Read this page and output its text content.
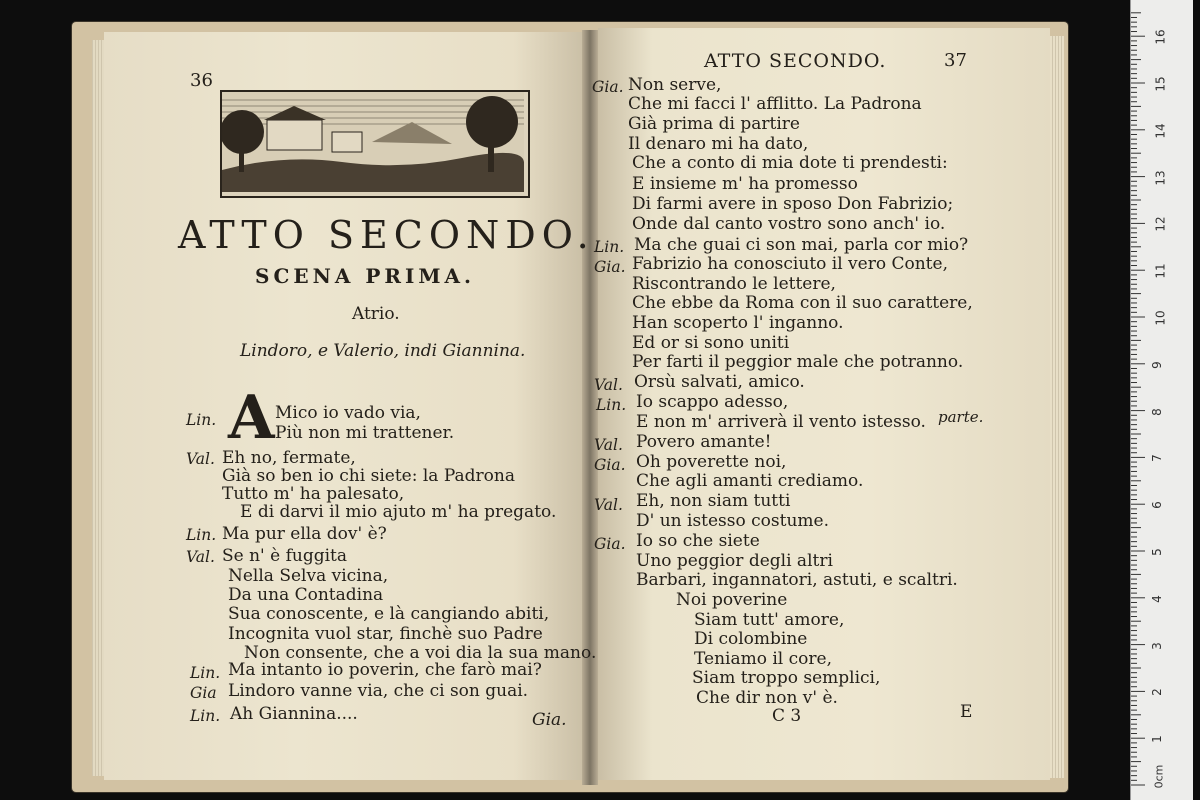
36
ATTO SECONDO.
SCENA PRIMA.
Atrio.
Lindoro, e Valerio, indi Giannina.
A
Lin.	Mico io vado via,
Più non mi trattener.
Val. Eh no, fermate,
Già so ben io chi siete: la Padrona
Tutto m' ha palesato,
E di darvi il mio ajuto m' ha pregato.
Lin. Ma pur ella dov' è?
Val. Se n' è fuggita
Nella Selva vicina,
Da una Contadina
Sua conoscente, e là cangiando abiti,
Incognita vuol star, finchè suo Padre
Non consente, che a voi dia la sua mano.
Lin. Ma intanto io poverin, che farò mai?
Gia Lindoro vanne via, che ci son guai.
Lin. Ah Giannina....	Gia.
ATTO SECONDO.	37
Gia. Non serve,
Che mi facci l' afflitto. La Padrona
Già prima di partire
Il denaro mi ha dato,
Che a conto di mia dote ti prendesti:
E insieme m' ha promesso
Di farmi avere in sposo Don Fabrizio;
Onde dal canto vostro sono anch' io.
Lin. Ma che guai ci son mai, parla cor mio?
Gia. Fabrizio ha conosciuto il vero Conte,
Riscontrando le lettere,
Che ebbe da Roma con il suo carattere,
Han scoperto l' inganno.
Ed or si sono uniti
Per farti il peggior male che potranno.
Val. Orsù salvati, amico.
Lin. Io scappo adesso,
E non m' arriverà il vento istesso.
Val. Povero amante!
Gia. Oh poverette noi,
Che agli amanti crediamo.
Val. Eh, non siam tutti
D' un istesso costume.
Gia. Io so che siete
Uno peggior degli altri
Barbari, ingannatori, astuti, e scaltri.
Noi poverine
Siam tutt' amore,
Di colombine
Teniamo il core,
Siam troppo semplici,
Che dir non v' è.
parte.
C 3	E
1
2
3
4
5
6
7
8
9
10
11
12
13
14
15
16
0cm
